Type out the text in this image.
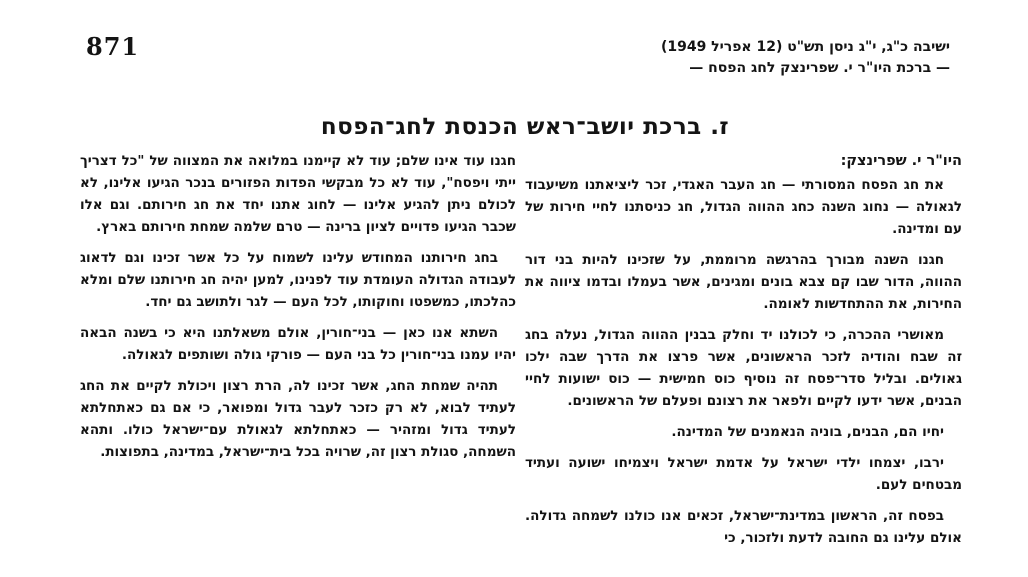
871	ישיבה כ"ג, י"ג ניסן תש"ט (12 אפריל 1949)
— ברכת היו"ר י. שפרינצק לחג הפסח —
ז. ברכת יושב־ראש הכנסת לחג־הפסח
היו"ר י. שפרינצק:

את חג הפסח המסורתי — חג העבר האגדי, זכר ליציאתנו משיעבוד לגאולה — נחוג השנה כחג ההווה הגדול, חג כניסתנו לחיי חירות של עם ומדינה.

חגנו השנה מבורך בהרגשה מרוממת, על שזכינו להיות בני דור ההווה, הדור שבו קם צבא בונים ומגינים, אשר בעמלו ובדמו ציווה את החירות, את ההתחדשות לאומה.

מאושרי ההכרה, כי לכולנו יד וחלק בבנין ההווה הגדול, נעלה בחג זה שבח והודיה לזכר הראשונים, אשר פרצו את הדרך שבה ילכו גאולים. ובליל סדר־פסח זה נוסיף כוס חמישית — כוס ישועות לחיי הבנים, אשר ידעו לקיים ולפאר את רצונם ופעלם של הראשונים.

יחיו הם, הבנים, בוניה הנאמנים של המדינה.

ירבו, יצמחו ילדי ישראל על אדמת ישראל ויצמיחו ישועה ועתיד מבטחים לעם.

בפסח זה, הראשון במדינת־ישראל, זכאים אנו כולנו לשמחה גדולה. אולם עלינו גם החובה לדעת ולזכור, כי

חגנו עוד אינו שלם; עוד לא קיימנו במלואה את המצווה של "כל דצריך ייתי ויפסח", עוד לא כל מבקשי הפדות הפזורים בנכר הגיעו אלינו, לא לכולם ניתן להגיע אלינו — לחוג אתנו יחד את חג חירותם. וגם אלו שכבר הגיעו פדויים לציון ברינה — טרם שלמה שמחת חירותם בארץ.

בחג חירותנו המחודש עלינו לשמוח על כל אשר זכינו וגם לדאוג לעבודה הגדולה העומדת עוד לפנינו, למען יהיה חג חירותנו שלם ומלא כהלכתו, כמשפטו וחוקותו, לכל העם — לגר ולתושב גם יחד.

השתא אנו כאן — בני־חורין, אולם משאלתנו היא כי בשנה הבאה יהיו עמנו בני־חורין כל בני העם — פורקי גולה ושותפים לגאולה.

תהיה שמחת החג, אשר זכינו לה, הרת רצון ויכולת לקיים את החג לעתיד לבוא, לא רק כזכר לעבר גדול ומפואר, כי אם גם כאתחלתא לעתיד גדול ומזהיר — כאתחלתא לגאולת עם־ישראל כולו. ותהא השמחה, סגולת רצון זה, שרויה בכל בית־ישראל, במדינה, בתפוצות.
